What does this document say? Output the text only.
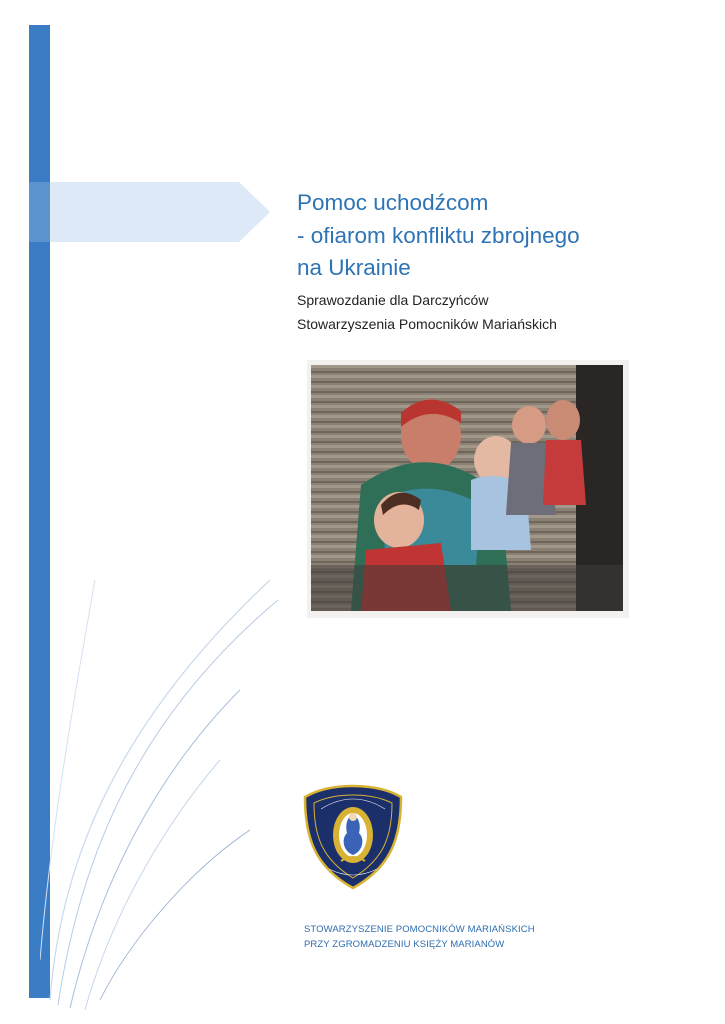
Pomoc uchodźcom
- ofiarom konfliktu zbrojnego
na Ukrainie
Sprawozdanie dla Darczyńców
Stowarzyszenia Pomocników Mariańskich
STOWARZYSZENIE POMOCNIKÓW MARIAŃSKICH
PRZY ZGROMADZENIU KSIĘŻY MARIANÓW
